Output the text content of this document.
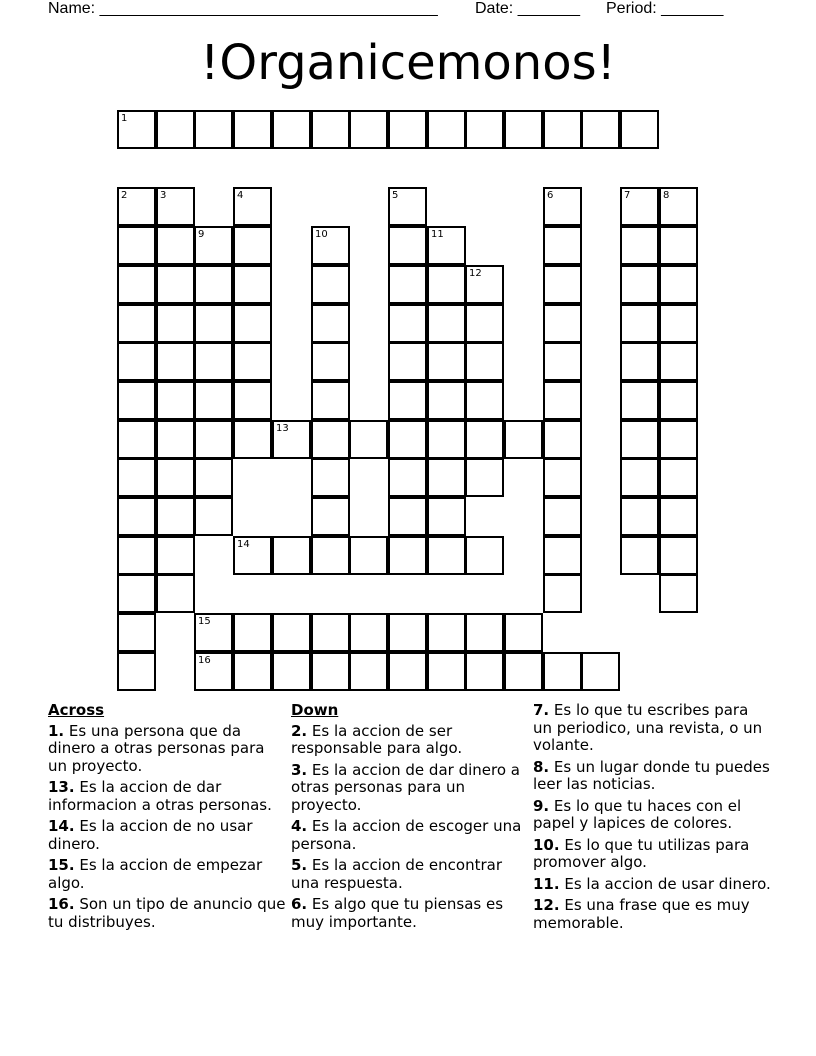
Name: ______________________________________ Date: _______ Period: _______
!Organicemonos!
1
2	3	4	5	6	7	8
9	10	11
12
13
14
15
16
Across
1. Es una persona que da dinero a otras personas para un proyecto.
13. Es la accion de dar informacion a otras personas.
14. Es la accion de no usar dinero.
15. Es la accion de empezar algo.
16. Son un tipo de anuncio que tu distribuyes.
Down
2. Es la accion de ser responsable para algo.
3. Es la accion de dar dinero a otras personas para un proyecto.
4. Es la accion de escoger una persona.
5. Es la accion de encontrar una respuesta.
6. Es algo que tu piensas es muy importante.
7. Es lo que tu escribes para un periodico, una revista, o un volante.
8. Es un lugar donde tu puedes leer las noticias.
9. Es lo que tu haces con el papel y lapices de colores.
10. Es lo que tu utilizas para promover algo.
11. Es la accion de usar dinero.
12. Es una frase que es muy memorable.
